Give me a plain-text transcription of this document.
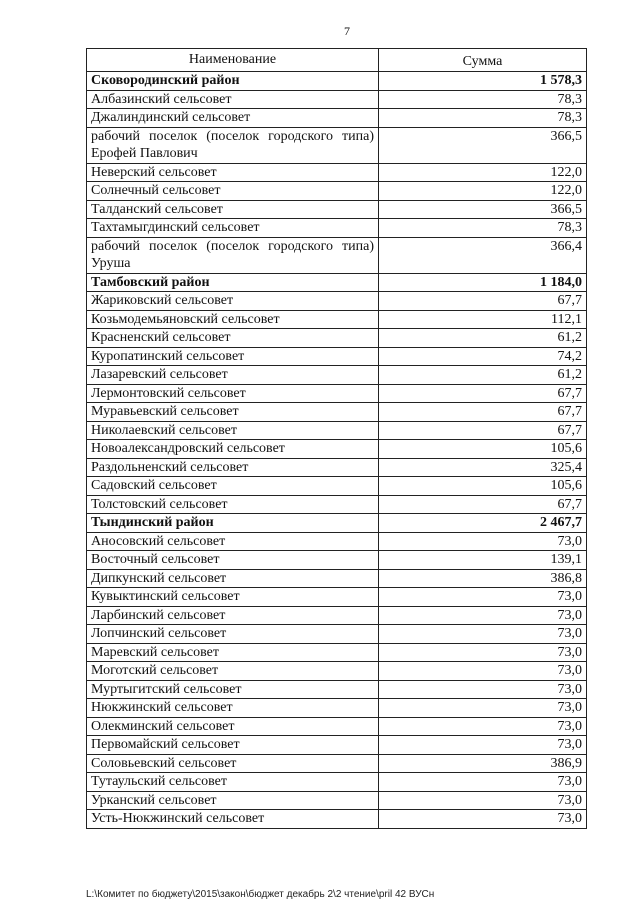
7
Наименование	Сумма
Сковородинский район	1 578,3
Албазинский сельсовет	78,3
Джалиндинский сельсовет	78,3
рабочий поселок (поселок городского типа) Ерофей Павлович	366,5
Неверский сельсовет	122,0
Солнечный сельсовет	122,0
Талданский сельсовет	366,5
Тахтамыгдинский сельсовет	78,3
рабочий поселок (поселок городского типа) Уруша	366,4
Тамбовский район	1 184,0
Жариковский сельсовет	67,7
Козьмодемьяновский сельсовет	112,1
Красненский сельсовет	61,2
Куропатинский сельсовет	74,2
Лазаревский сельсовет	61,2
Лермонтовский сельсовет	67,7
Муравьевский сельсовет	67,7
Николаевский сельсовет	67,7
Новоалександровский сельсовет	105,6
Раздольненский сельсовет	325,4
Садовский сельсовет	105,6
Толстовский сельсовет	67,7
Тындинский район	2 467,7
Аносовский сельсовет	73,0
Восточный сельсовет	139,1
Дипкунский сельсовет	386,8
Кувыктинский сельсовет	73,0
Ларбинский сельсовет	73,0
Лопчинский сельсовет	73,0
Маревский сельсовет	73,0
Моготский сельсовет	73,0
Муртыгитский сельсовет	73,0
Нюкжинский сельсовет	73,0
Олекминский сельсовет	73,0
Первомайский сельсовет	73,0
Соловьевский сельсовет	386,9
Тутаульский сельсовет	73,0
Урканский сельсовет	73,0
Усть-Нюкжинский сельсовет	73,0
L:\Комитет по бюджету\2015\закон\бюджет декабрь 2\2 чтение\pril 42 ВУСн
